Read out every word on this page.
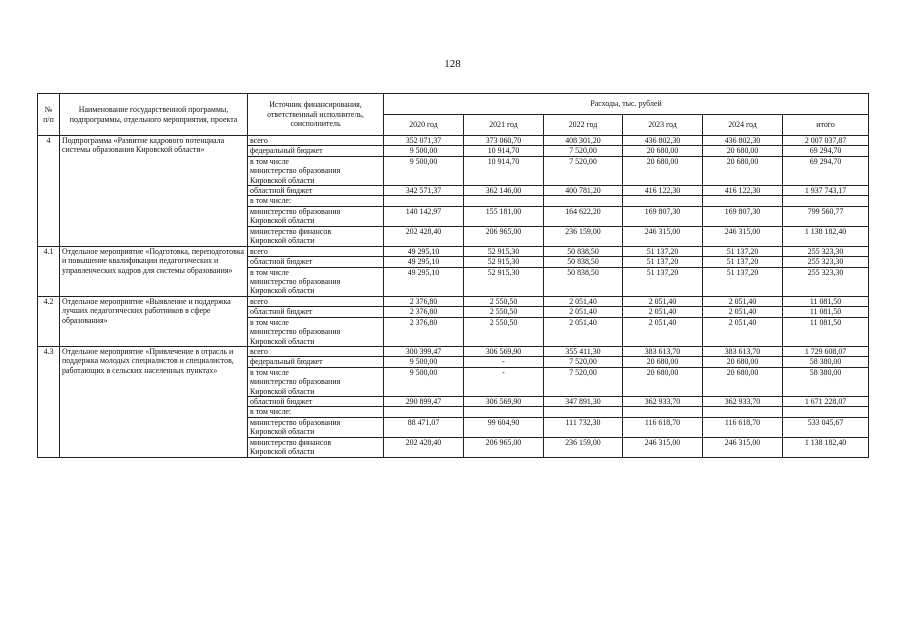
128
№
п/п	Наименование государственной программы, подпрограммы, отдельного мероприятия, проекта	Источник финансирования, ответственный исполнитель, соисполнитель	Расходы, тыс. рублей					
			2020 год	2021 год	2022 год	2023 год	2024 год	итого
4	Подпрограмма «Развитие кадрового потенциала системы образования Кировской области»	всего	352 071,37	373 060,70	408 301,20	436 802,30	436 802,30	2 007 037,87
		федеральный бюджет	9 500,00	10 914,70	7 520,00	20 680,00	20 680,00	69 294,70
		в том числе
министерство образования
Кировской области	9 500,00	10 914,70	7 520,00	20 680,00	20 680,00	69 294,70
		областной бюджет	342 571,37	362 146,00	400 781,20	416 122,30	416 122,30	1 937 743,17
		в том числе:						
		министерство образования
Кировской области	140 142,97	155 181,00	164 622,20	169 807,30	169 807,30	799 560,77
		министерство финансов
Кировской области	202 428,40	206 965,00	236 159,00	246 315,00	246 315,00	1 138 182,40
4.1	Отдельное мероприятие «Подготовка, переподготовка и повышение квалификации педагогических и управленческих кадров для системы образования»	всего	49 295,10	52 915,30	50 838,50	51 137,20	51 137,20	255 323,30
		областной бюджет	49 295,10	52 915,30	50 838,50	51 137,20	51 137,20	255 323,30
		в том числе
министерство образования
Кировской области	49 295,10	52 915,30	50 838,50	51 137,20	51 137,20	255 323,30
4.2	Отдельное мероприятие «Выявление и поддержка лучших педагогических работников в сфере образования»	всего	2 376,80	2 550,50	2 051,40	2 051,40	2 051,40	11 081,50
		областной бюджет	2 376,80	2 550,50	2 051,40	2 051,40	2 051,40	11 081,50
		в том числе
министерство образования
Кировской области	2 376,80	2 550,50	2 051,40	2 051,40	2 051,40	11 081,50
4.3	Отдельное мероприятие «Привлечение в отрасль и поддержка молодых специалистов и специалистов, работающих в сельских населенных пунктах»	всего	300 399,47	306 569,90	355 411,30	383 613,70	383 613,70	1 729 608,07
		федеральный бюджет	9 500,00	-	7 520,00	20 680,00	20 680,00	58 380,00
		в том числе
министерство образования
Кировской области	9 500,00	-	7 520,00	20 680,00	20 680,00	58 380,00
		областной бюджет	290 899,47	306 569,90	347 891,30	362 933,70	362 933,70	1 671 228,07
		в том числе:						
		министерство образования
Кировской области	88 471,07	99 604,90	111 732,30	116 618,70	116 618,70	533 045,67
		министерство финансов
Кировской области	202 428,40	206 965,00	236 159,00	246 315,00	246 315,00	1 138 182,40
